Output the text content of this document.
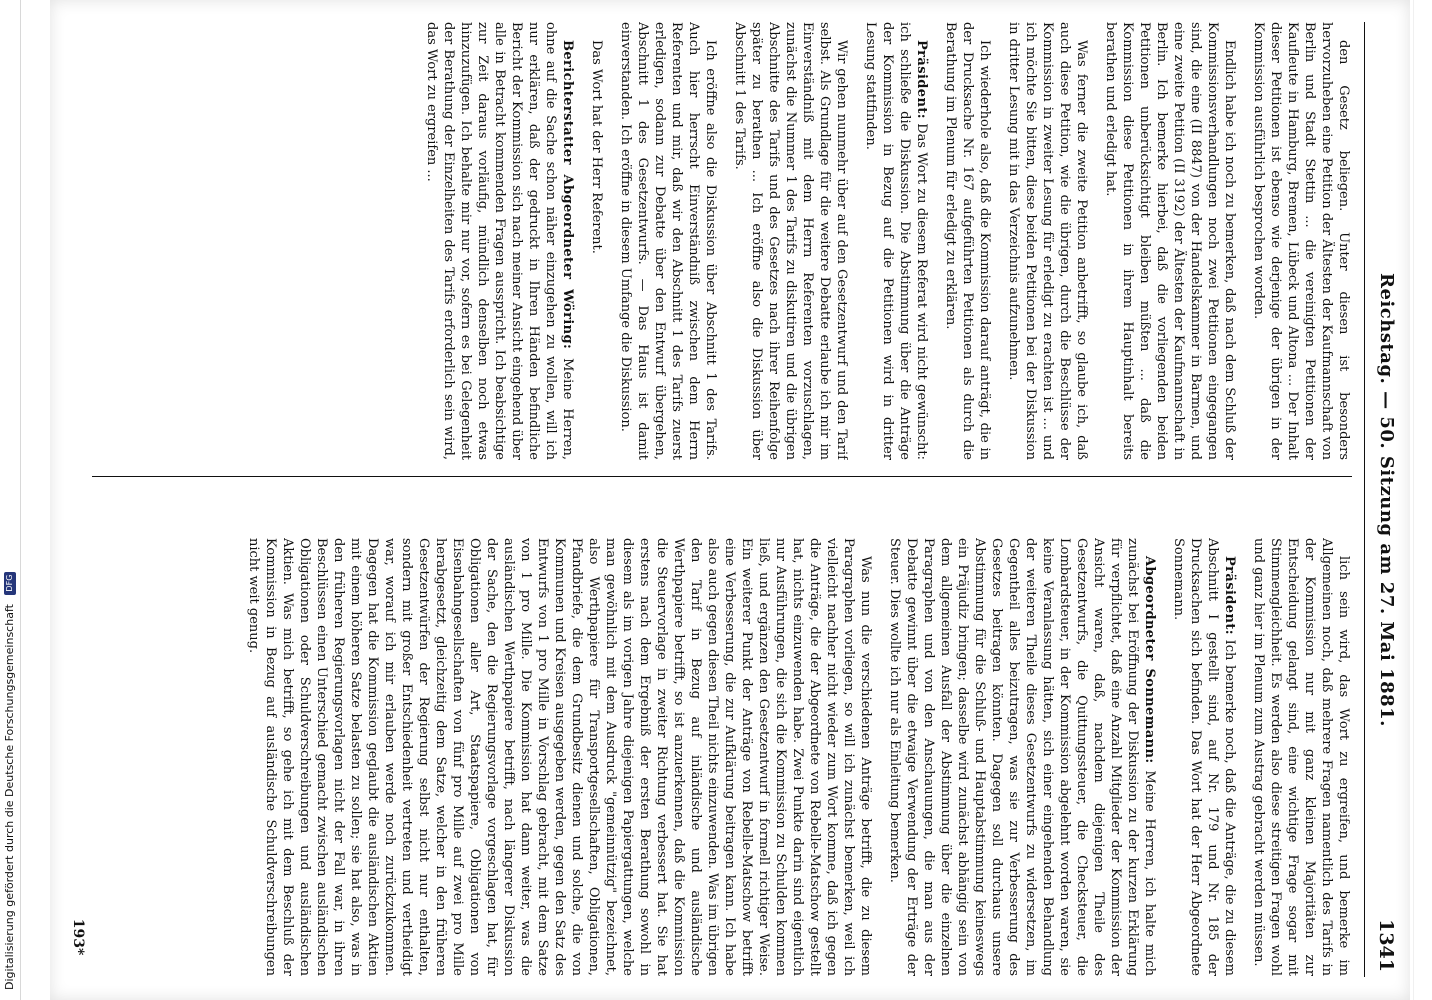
Digitalisierung gefördert durch die Deutsche Forschungsgemeinschaft DFG	Reichstag. — 50. Sitzung am 27. Mai 1881.
1341

den Gesetz beliegen. Unter diesen ist besonders hervorzuheben eine Petition der Ältesten der Kaufmannschaft von Berlin und Stadt Stettin ... die vereinigten Petitionen der Kaufleute in Hamburg, Bremen, Lübeck und Altona ... Der Inhalt dieser Petitionen ist ebenso wie derjenige der übrigen in der Kommission ausführlich besprochen worden.

Endlich habe ich noch zu bemerken, daß nach dem Schluß der Kommissionsverhandlungen noch zwei Petitionen eingegangen sind, die eine (II 8847) von der Handelskammer in Barmen, und eine zweite Petition (II 3192) der Ältesten der Kaufmannschaft in Berlin. Ich bemerke hierbei, daß die vorliegenden beiden Petitionen unberücksichtigt bleiben müßten ... daß die Kommission diese Petitionen in ihrem Hauptinhalt bereits berathen und erledigt hat.

Was ferner die zweite Petition anbetrifft, so glaube ich, daß auch diese Petition, wie die übrigen, durch die Beschlüsse der Kommission in zweiter Lesung für erledigt zu erachten ist ... und ich möchte Sie bitten, diese beiden Petitionen bei der Diskussion in dritter Lesung mit in das Verzeichnis aufzunehmen.

Ich wiederhole also, daß die Kommission darauf anträgt, die in der Drucksache Nr. 167 aufgeführten Petitionen als durch die Berathung im Plenum für erledigt zu erklären.

Präsident: Das Wort zu diesem Referat wird nicht gewünscht: ich schließe die Diskussion. Die Abstimmung über die Anträge der Kommission in Bezug auf die Petitionen wird in dritter Lesung stattfinden.

Wir gehen nunmehr über auf den Gesetzentwurf und den Tarif selbst. Als Grundlage für die weitere Debatte erlaube ich mir im Einverständniß mit dem Herrn Referenten vorzuschlagen, zunächst die Nummer 1 des Tarifs zu diskutiren und die übrigen Abschnitte des Tarifs und des Gesetzes nach ihrer Reihenfolge später zu berathen ... Ich eröffne also die Diskussion über Abschnitt 1 des Tarifs.

Ich eröffne also die Diskussion über Abschnitt 1 des Tarifs. Auch hier herrscht Einverständniß zwischen dem Herrn Referenten und mir, daß wir den Abschnitt 1 des Tarifs zuerst erledigen, sodann zur Debatte über den Entwurf übergehen, Abschnitt 1 des Gesetzentwurfs. — Das Haus ist damit einverstanden. Ich eröffne in diesem Umfange die Diskussion.

Das Wort hat der Herr Referent.

Berichterstatter Abgeordneter Wöring: Meine Herren, ohne auf die Sache schon näher einzugehen zu wollen, will ich nur erklären, daß der gedruckt in Ihren Händen befindliche Bericht der Kommission sich nach meiner Ansicht eingehend über alle in Betracht kommenden Fragen ausspricht. Ich beabsichtige zur Zeit daraus vorläufig, mündlich denselben noch etwas hinzuzufügen. Ich behalte mir nur vor, sofern es bei Gelegenheit der Berathung der Einzelheiten des Tarifs erforderlich sein wird, das Wort zu ergreifen ...

lich sein wird, das Wort zu ergreifen, und bemerke im Allgemeinen noch, daß mehrere Fragen namentlich des Tarifs in der Kommission nur mit ganz kleinen Majoritäten zur Entscheidung gelangt sind, eine wichtige Frage sogar mit Stimmengleichheit. Es werden also diese streitigen Fragen wohl und ganz hier im Plenum zum Austrag gebracht werden müssen.

Präsident: Ich bemerke noch, daß die Anträge, die zu diesem Abschnitt I gestellt sind, auf Nr. 179 und Nr. 185 der Drucksachen sich befinden. Das Wort hat der Herr Abgeordnete Sonnemann.

Abgeordneter Sonnemann: Meine Herren, ich halte mich zunächst bei Eröffnung der Diskussion zu der kurzen Erklärung für verpflichtet, daß eine Anzahl Mitglieder der Kommission der Ansicht waren, daß, nachdem diejenigen Theile des Gesetzentwurfs, die Quittungssteuer, die Checksteuer, die Lombardsteuer, in der Kommission abgelehnt worden waren, sie keine Veranlassung hätten, sich einer eingehenden Behandlung der weiteren Theile dieses Gesetzentwurfs zu widersetzen, im Gegentheil alles beizutragen, was sie zur Verbesserung des Gesetzes beitragen könnten. Dagegen soll durchaus unsere Abstimmung für die Schluß- und Hauptabstimmung keineswegs ein Präjudiz bringen; dasselbe wird zunächst abhängig sein von dem allgemeinen Ausfall der Abstimmung über die einzelnen Paragraphen und von den Anschauungen, die man aus der Debatte gewinnt über die etwaige Verwendung der Erträge der Steuer. Dies wollte ich nur als Einleitung bemerken.

Was nun die verschiedenen Anträge betrifft, die zu diesem Paragraphen vorliegen, so will ich zunächst bemerken, weil ich vielleicht nachher nicht wieder zum Wort komme, daß ich gegen die Anträge, die der Abgeordnete von Rebelle-Matschow gestellt hat, nichts einzuwenden habe. Zwei Punkte darin sind eigentlich nur Ausführungen, die sich die Kommission zu Schulden kommen ließ, und ergänzen den Gesetzentwurf in formell richtiger Weise. Ein weiterer Punkt der Anträge von Rebelle-Matschow betrifft eine Verbesserung, die zur Aufklärung beitragen kann. Ich habe also auch gegen diesen Theil nichts einzuwenden. Was im übrigen den Tarif in Bezug auf inländische und ausländische Werthpapiere betrifft, so ist anzuerkennen, daß die Kommission die Steuervorlage in zweiter Richtung verbessert hat. Sie hat erstens nach dem Ergebniß der ersten Berathung sowohl in diesem als im vorigen Jahre diejenigen Papiergattungen, welche man gewöhnlich mit dem Ausdruck "gemeinnützig" bezeichnet, also Werthpapiere für Transportgesellschaften, Obligationen, Pfandbriefe, die dem Grundbesitz dienen und solche, die von Kommunen und Kreisen ausgegeben werden, gegen den Satz des Entwurfs von 1 pro Mille in Vorschlag gebracht, mit dem Satze von 1 pro Mille. Die Kommission hat dann weiter, was die ausländischen Werthpapiere betrifft, nach längerer Diskussion der Sache, den die Regierungsvorlage vorgeschlagen hat, für Obligationen aller Art, Staatspapiere, Obligationen von Eisenbahngesellschaften von fünf pro Mille auf zwei pro Mille herabgesetzt, gleichzeitig dem Satze, welcher in den früheren Gesetzentwürfen der Regierung selbst nicht nur enthalten, sondern mit großer Entschiedenheit vertreten und vertheidigt war, worauf ich mir erlauben werde noch zurückzukommen. Dagegen hat die Kommission geglaubt die ausländischen Aktien mit einem höheren Satze belasten zu sollen; sie hat also, was in den früheren Regierungsvorlagen nicht der Fall war, in ihren Beschlüssen einen Unterschied gemacht zwischen ausländischen Obligationen oder Schuldverschreibungen und ausländischen Aktien. Was mich betrifft, so gehe ich mit dem Beschluß der Kommission in Bezug auf ausländische Schuldverschreibungen nicht weit genug.

193*
